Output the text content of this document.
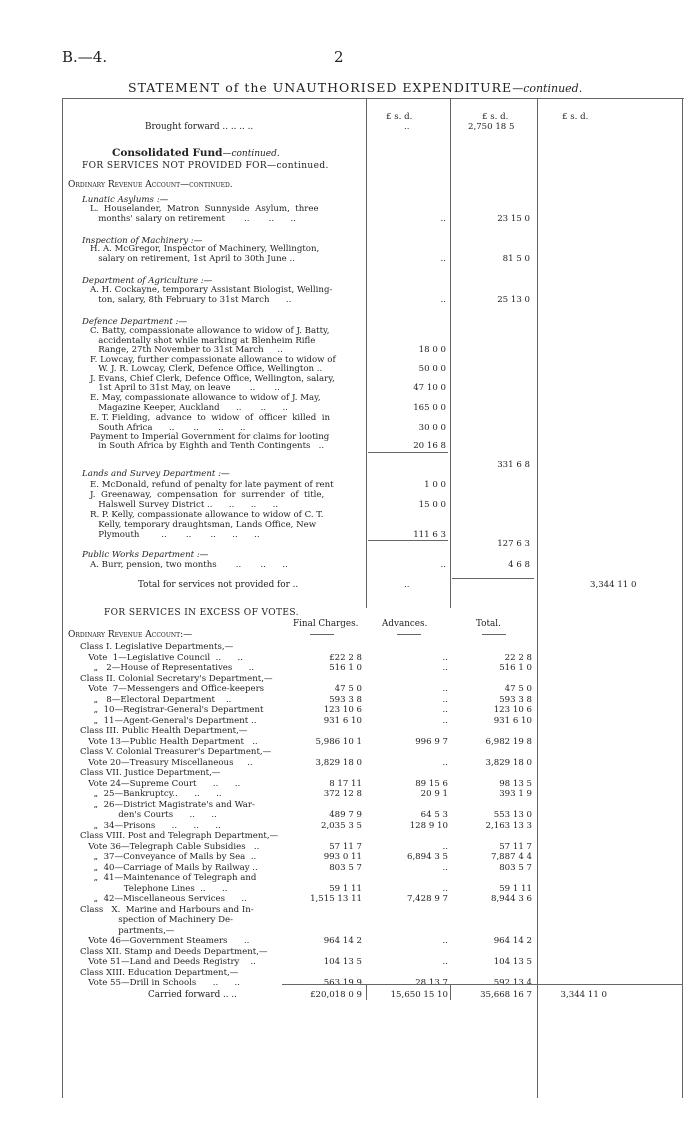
B.—4.	2
STATEMENT of the UNAUTHORISED EXPENDITURE—continued.
£ s. d.	£ s. d.	£ s. d.
Brought forward .. .. .. ..	..	2,750 18 5
Consolidated Fund—continued.
FOR SERVICES NOT PROVIDED FOR—continued.
Ordinary Revenue Account—continued.
Lunatic Asylums :—
L.  Houselander,  Matron  Sunnyside  Asylum,  three
months' salary on retirement       ..       ..      ..	..	23 15 0
Inspection of Machinery :—
H. A. McGregor, Inspector of Machinery, Wellington,
salary on retirement, 1st April to 30th June ..	..	81 5 0
Department of Agriculture :—
A. H. Cockayne, temporary Assistant Biologist, Welling-
ton, salary, 8th February to 31st March      ..	..	25 13 0
Defence Department :—
C. Batty, compassionate allowance to widow of J. Batty,
accidentally shot while marking at Blenheim Rifle
Range, 27th November to 31st March     ..	18 0 0
F. Lowcay, further compassionate allowance to widow of
W. J. R. Lowcay, Clerk, Defence Office, Wellington ..	50 0 0
J. Evans, Chief Clerk, Defence Office, Wellington, salary,
1st April to 31st May, on leave       ..       ..	47 10 0
E. May, compassionate allowance to widow of J. May,
Magazine Keeper, Auckland      ..       ..      ..	165 0 0
E. T. Fielding,  advance  to  widow  of  officer  killed  in
South Africa      ..       ..       ..      ..	30 0 0
Payment to Imperial Government for claims for looting
in South Africa by Eighth and Tenth Contingents   ..	20 16 8
331 6 8
Lands and Survey Department :—
E. McDonald, refund of penalty for late payment of rent	1 0 0
J.  Greenaway,  compensation  for  surrender  of  title,
Halswell Survey District ..      ..      ..      ..	15 0 0
R. P. Kelly, compassionate allowance to widow of C. T.
Kelly, temporary draughtsman, Lands Office, New
Plymouth        ..       ..       ..      ..      ..	111 6 3
127 6 3
Public Works Department :—
A. Burr, pension, two months       ..       ..      ..	..	4 6 8
Total for services not provided for ..	..	3,344 11 0
FOR SERVICES IN EXCESS OF VOTES.
Final Charges.	Advances.	Total.
Ordinary Revenue Account:—
Class I. Legislative Departments,—
Vote  1—Legislative Council  ..      ..	£22 2 8	..	22 2 8
„   2—House of Representatives      ..	516 1 0	..	516 1 0
Class II. Colonial Secretary's Department,—
Vote  7—Messengers and Office-keepers	47 5 0	..	47 5 0
„   8—Electoral Department    ..	593 3 8	..	593 3 8
„  10—Registrar-General's Department	123 10 6	..	123 10 6
„  11—Agent-General's Department ..	931 6 10	..	931 6 10
Class III. Public Health Department,—
Vote 13—Public Health Department   ..	5,986 10 1	996 9 7	6,982 19 8
Class V. Colonial Treasurer's Department,—
Vote 20—Treasury Miscellaneous     ..	3,829 18 0	..	3,829 18 0
Class VII. Justice Department,—
Vote 24—Supreme Court      ..      ..	8 17 11	89 15 6	98 13 5
„  25—Bankruptcy..      ..      ..	372 12 8	20 9 1	393 1 9
„  26—District Magistrate's and War-
den's Courts      ..      ..	489 7 9	64 5 3	553 13 0
„  34—Prisons      ..      ..      ..	2,035 3 5	128 9 10	2,163 13 3
Class VIII. Post and Telegraph Department,—
Vote 36—Telegraph Cable Subsidies   ..	57 11 7	..	57 11 7
„  37—Conveyance of Mails by Sea  ..	993 0 11	6,894 3 5	7,887 4 4
„  40—Carriage of Mails by Railway ..	803 5 7	..	803 5 7
„  41—Maintenance of Telegraph and
Telephone Lines  ..      ..	59 1 11	..	59 1 11
„  42—Miscellaneous Services      ..	1,515 13 11	7,428 9 7	8,944 3 6
Class   X.  Marine and Harbours and In-
spection of Machinery De-
partments,—
Vote 46—Government Steamers      ..	964 14 2	..	964 14 2
Class XII. Stamp and Deeds Department,—
Vote 51—Land and Deeds Registry    ..	104 13 5	..	104 13 5
Class XIII. Education Department,—
Vote 55—Drill in Schools      ..      ..	563 19 9	28 13 7	592 13 4
Carried forward .. ..	£20,018 0 9	15,650 15 10	35,668 16 7	3,344 11 0
